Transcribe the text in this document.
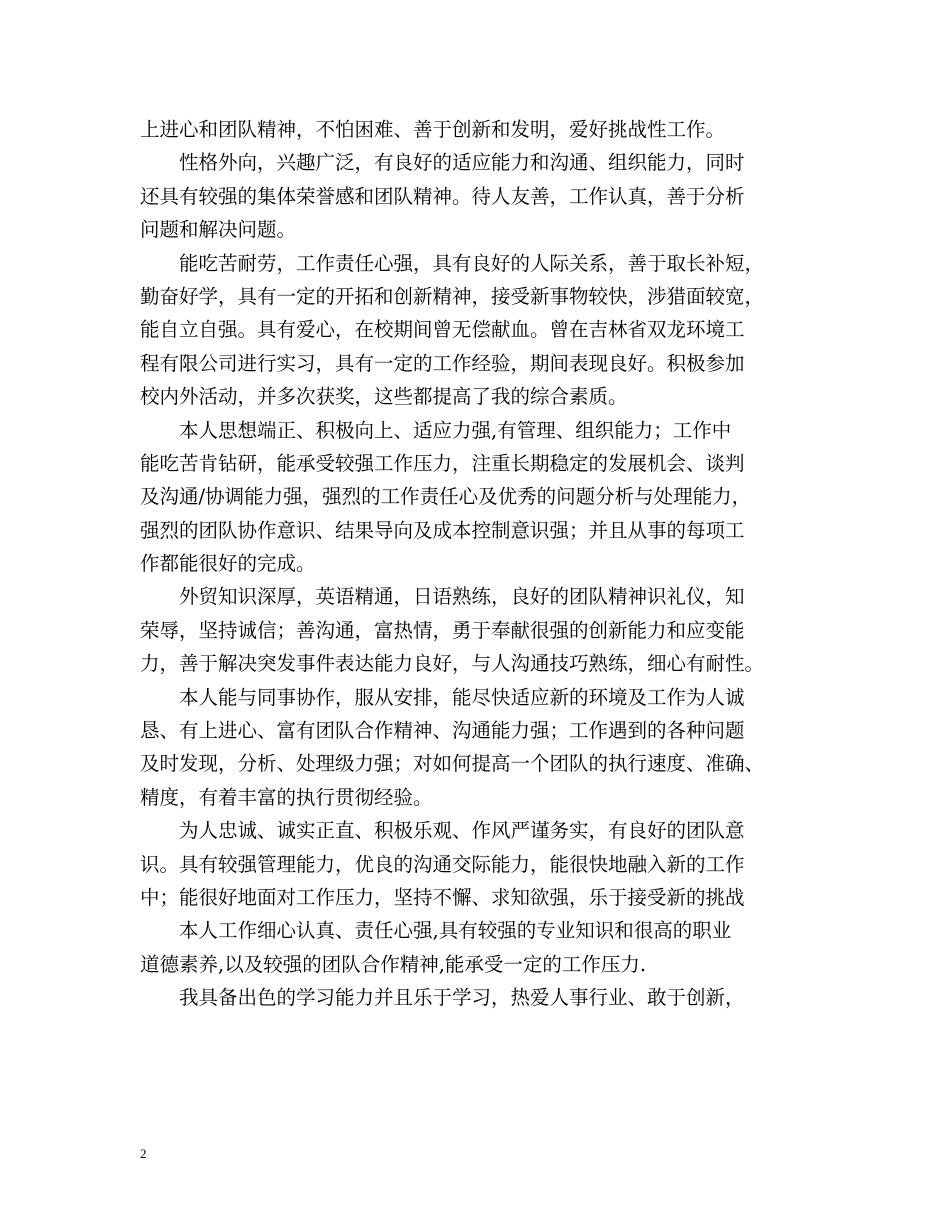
上进心和团队精神，不怕困难、善于创新和发明，爱好挑战性工作。
性格外向，兴趣广泛，有良好的适应能力和沟通、组织能力，同时
还具有较强的集体荣誉感和团队精神。待人友善，工作认真，善于分析
问题和解决问题。
能吃苦耐劳，工作责任心强，具有良好的人际关系，善于取长补短，
勤奋好学，具有一定的开拓和创新精神，接受新事物较快，涉猎面较宽，
能自立自强。具有爱心，在校期间曾无偿献血。曾在吉林省双龙环境工
程有限公司进行实习，具有一定的工作经验，期间表现良好。积极参加
校内外活动，并多次获奖，这些都提高了我的综合素质。
本人思想端正、积极向上、适应力强,有管理、组织能力；工作中
能吃苦肯钻研，能承受较强工作压力，注重长期稳定的发展机会、谈判
及沟通/协调能力强，强烈的工作责任心及优秀的问题分析与处理能力，
强烈的团队协作意识、结果导向及成本控制意识强；并且从事的每项工
作都能很好的完成。
外贸知识深厚，英语精通，日语熟练，良好的团队精神识礼仪，知
荣辱，坚持诚信；善沟通，富热情，勇于奉献很强的创新能力和应变能
力，善于解决突发事件表达能力良好，与人沟通技巧熟练，细心有耐性。
本人能与同事协作，服从安排，能尽快适应新的环境及工作为人诚
恳、有上进心、富有团队合作精神、沟通能力强；工作遇到的各种问题
及时发现，分析、处理级力强；对如何提高一个团队的执行速度、准确、
精度，有着丰富的执行贯彻经验。
为人忠诚、诚实正直、积极乐观、作风严谨务实，有良好的团队意
识。具有较强管理能力，优良的沟通交际能力，能很快地融入新的工作
中；能很好地面对工作压力，坚持不懈、求知欲强，乐于接受新的挑战
本人工作细心认真、责任心强,具有较强的专业知识和很高的职业
道德素养,以及较强的团队合作精神,能承受一定的工作压力.
我具备出色的学习能力并且乐于学习，热爱人事行业、敢于创新，
2
